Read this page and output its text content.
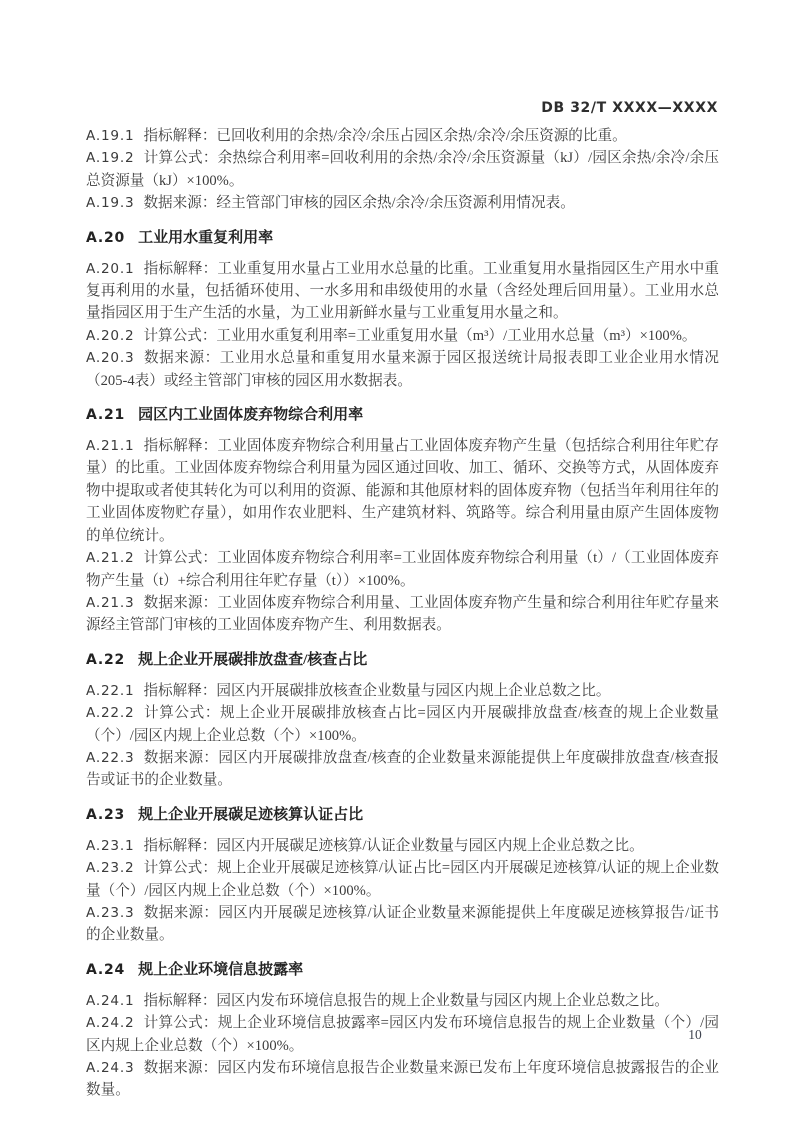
DB 32/T XXXX—XXXX

A.19.1 指标解释：已回收利用的余热/余冷/余压占园区余热/余冷/余压资源的比重。

A.19.2 计算公式：余热综合利用率=回收利用的余热/余冷/余压资源量（kJ）/园区余热/余冷/余压总资源量（kJ）×100%。

A.19.3 数据来源：经主管部门审核的园区余热/余冷/余压资源利用情况表。

A.20 工业用水重复利用率

A.20.1 指标解释：工业重复用水量占工业用水总量的比重。工业重复用水量指园区生产用水中重复再利用的水量，包括循环使用、一水多用和串级使用的水量（含经处理后回用量）。工业用水总量指园区用于生产生活的水量，为工业用新鲜水量与工业重复用水量之和。

A.20.2 计算公式：工业用水重复利用率=工业重复用水量（m³）/工业用水总量（m³）×100%。

A.20.3 数据来源：工业用水总量和重复用水量来源于园区报送统计局报表即工业企业用水情况（205-4表）或经主管部门审核的园区用水数据表。

A.21 园区内工业固体废弃物综合利用率

A.21.1 指标解释：工业固体废弃物综合利用量占工业固体废弃物产生量（包括综合利用往年贮存量）的比重。工业固体废弃物综合利用量为园区通过回收、加工、循环、交换等方式，从固体废弃物中提取或者使其转化为可以利用的资源、能源和其他原材料的固体废弃物（包括当年利用往年的工业固体废物贮存量），如用作农业肥料、生产建筑材料、筑路等。综合利用量由原产生固体废物的单位统计。

A.21.2 计算公式：工业固体废弃物综合利用率=工业固体废弃物综合利用量（t）/（工业固体废弃物产生量（t）+综合利用往年贮存量（t））×100%。

A.21.3 数据来源：工业固体废弃物综合利用量、工业固体废弃物产生量和综合利用往年贮存量来源经主管部门审核的工业固体废弃物产生、利用数据表。

A.22 规上企业开展碳排放盘查/核查占比

A.22.1 指标解释：园区内开展碳排放核查企业数量与园区内规上企业总数之比。

A.22.2 计算公式：规上企业开展碳排放核查占比=园区内开展碳排放盘查/核查的规上企业数量（个）/园区内规上企业总数（个）×100%。

A.22.3 数据来源：园区内开展碳排放盘查/核查的企业数量来源能提供上年度碳排放盘查/核查报告或证书的企业数量。

A.23 规上企业开展碳足迹核算认证占比

A.23.1 指标解释：园区内开展碳足迹核算/认证企业数量与园区内规上企业总数之比。

A.23.2 计算公式：规上企业开展碳足迹核算/认证占比=园区内开展碳足迹核算/认证的规上企业数量（个）/园区内规上企业总数（个）×100%。

A.23.3 数据来源：园区内开展碳足迹核算/认证企业数量来源能提供上年度碳足迹核算报告/证书的企业数量。

A.24 规上企业环境信息披露率

A.24.1 指标解释：园区内发布环境信息报告的规上企业数量与园区内规上企业总数之比。

A.24.2 计算公式：规上企业环境信息披露率=园区内发布环境信息报告的规上企业数量（个）/园区内规上企业总数（个）×100%。

A.24.3 数据来源：园区内发布环境信息报告企业数量来源已发布上年度环境信息披露报告的企业数量。

10
